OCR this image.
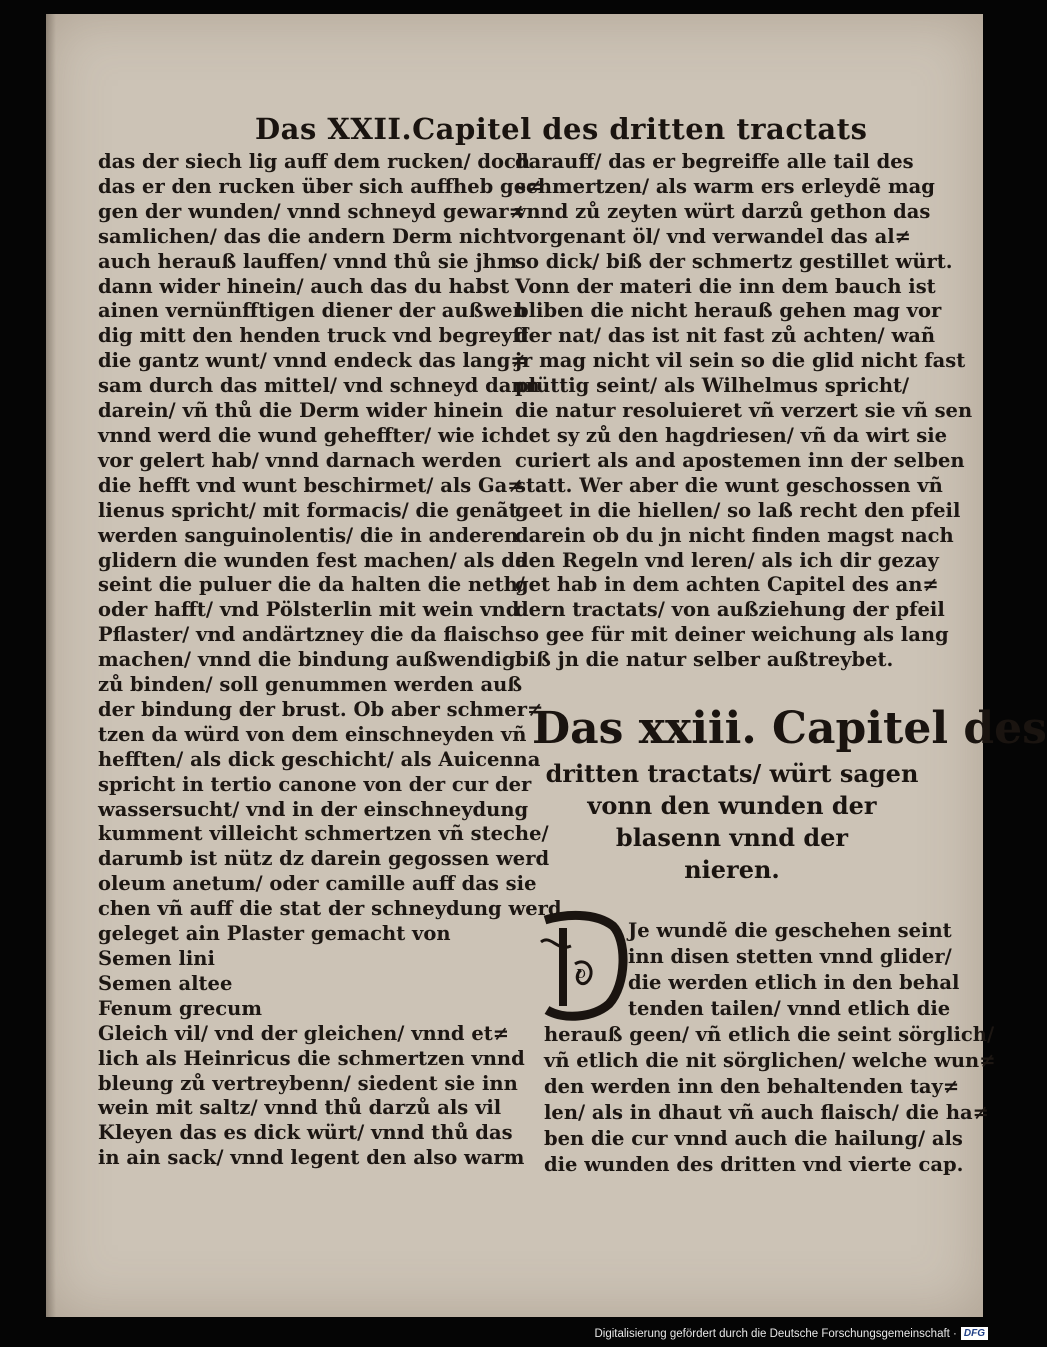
Das XXII.Capitel des dritten tractats
das der siech lig auff dem rucken/ doch
das er den rucken über sich auffheb ge≠
gen der wunden/ vnnd schneyd gewar≠
samlichen/ das die andern Derm nicht
auch herauß lauffen/ vnnd thů sie jhm
dann wider hinein/ auch das du habst
ainen vernünfftigen diener der außwen
dig mitt den henden truck vnd begreyff
die gantz wunt/ vnnd endeck das lang≠
sam durch das mittel/ vnd schneyd dann
darein/ vñ thů die Derm wider hinein
vnnd werd die wund geheffter/ wie ich
vor gelert hab/ vnnd darnach werden
die hefft vnd wunt beschirmet/ als Ga≠
lienus spricht/ mit formacis/ die genãt
werden sanguinolentis/ die in anderen
glidern die wunden fest machen/ als da
seint die puluer die da halten die neth/
oder hafft/ vnd Pölsterlin mit wein vnd
Pflaster/ vnd andärtzney die da flaisch
machen/ vnnd die bindung außwendig
zů binden/ soll genummen werden auß
der bindung der brust. Ob aber schmer≠
tzen da würd von dem einschneyden vñ
hefften/ als dick geschicht/ als Auicenna
spricht in tertio canone von der cur der
wassersucht/ vnd in der einschneydung
kumment villeicht schmertzen vñ steche/
darumb ist nütz dz darein gegossen werd
oleum anetum/ oder camille auff das sie
chen vñ auff die stat der schneydung werd
geleget ain Plaster gemacht von
Semen lini
Semen altee
Fenum grecum
Gleich vil/ vnd der gleichen/ vnnd et≠
lich als Heinricus die schmertzen vnnd
bleung zů vertreybenn/ siedent sie inn
wein mit saltz/ vnnd thů darzů als vil
Kleyen das es dick würt/ vnnd thů das
in ain sack/ vnnd legent den also warm
darauff/ das er begreiffe alle tail des
schmertzen/ als warm ers erleydẽ mag
vnnd zů zeyten würt darzů gethon das
vorgenant öl/ vnd verwandel das al≠
so dick/ biß der schmertz gestillet würt.
Vonn der materi die inn dem bauch ist
bliben die nicht herauß gehen mag vor
der nat/ das ist nit fast zů achten/ wañ
jr mag nicht vil sein so die glid nicht fast
plüttig seint/ als Wilhelmus spricht/
die natur resoluieret vñ verzert sie vñ sen
det sy zů den hagdriesen/ vñ da wirt sie
curiert als and apostemen inn der selben
statt. Wer aber die wunt geschossen vñ
geet in die hiellen/ so laß recht den pfeil
darein ob du jn nicht finden magst nach
den Regeln vnd leren/ als ich dir gezay
get hab in dem achten Capitel des an≠
dern tractats/ von außziehung der pfeil
so gee für mit deiner weichung als lang
biß jn die natur selber außtreybet.
Das xxiii. Capitel des
dritten tractats/ würt sagen
vonn den wunden der
blasenn vnnd der
nieren.
D
Je wundẽ die geschehen seint
inn disen stetten vnnd glider/
die werden etlich in den behal
tenden tailen/ vnnd etlich die
herauß geen/ vñ etlich die seint sörglich/
vñ etlich die nit sörglichen/ welche wun≠
den werden inn den behaltenden tay≠
len/ als in dhaut vñ auch flaisch/ die ha≠
ben die cur vnnd auch die hailung/ als
die wunden des dritten vnd vierte cap.
Digitalisierung gefördert durch die Deutsche Forschungsgemeinschaft · DFG
